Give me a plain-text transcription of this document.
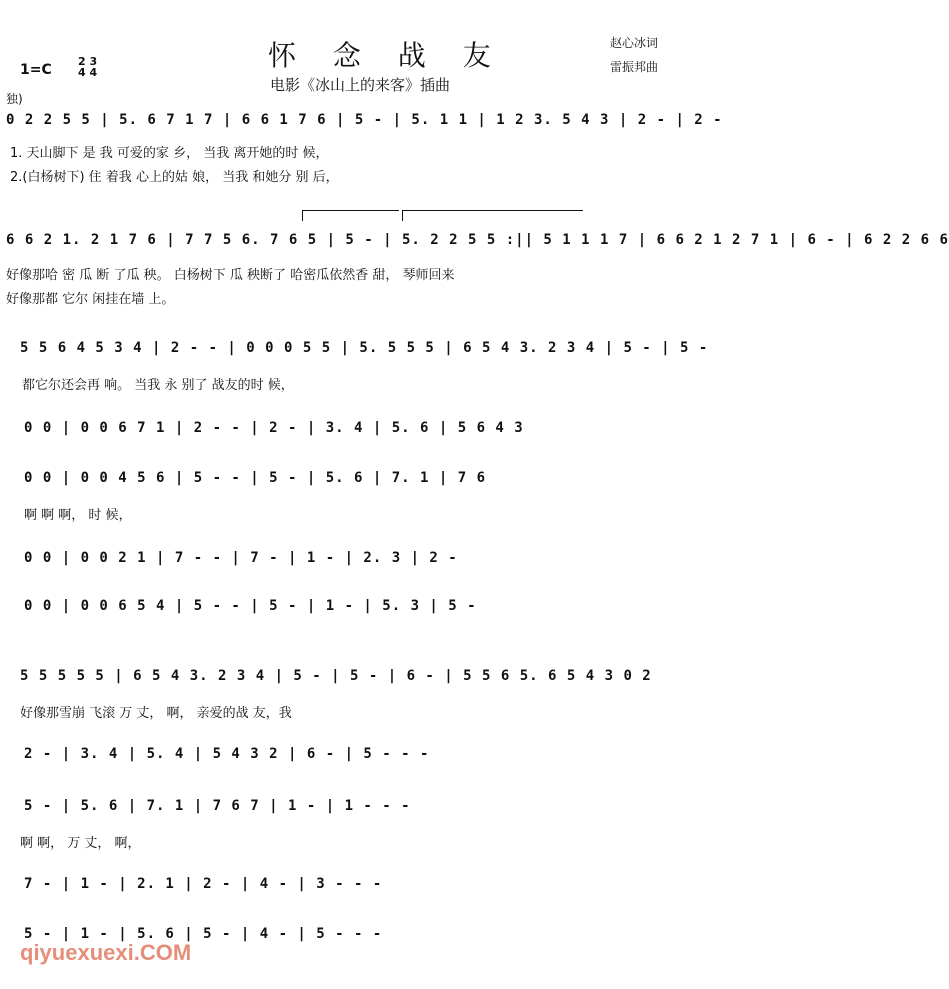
怀 念 战 友
电影《冰山上的来客》插曲
赵心冰词
雷振邦曲
1=C
2 3
4 4
独)
0 2 2 5 5 | 5. 6 7 1 7 | 6 6 1 7 6 | 5 - | 5. 1 1 | 1 2 3. 5 4 3 | 2 - | 2 -
1. 天山脚下 是 我 可爱的家 乡， 当我 离开她的时 候，
2.(白杨树下) 住 着我 心上的姑 娘， 当我 和她分 别 后，
6 6 2 1. 2 1 7 6 | 7 7 5 6. 7 6 5 | 5 - | 5. 2 2 5 5 :|| 5 1 1 1 7 | 6 6 2 1 2 7 1 | 6 - | 6 2 2 6 6
好像那哈 密 瓜 断 了瓜 秧。 白杨树下 瓜 秧断了 哈密瓜依然香 甜， 琴师回来
好像那都 它尔 闲挂在墙 上。
5 5 6 4 5 3 4 | 2 - - | 0 0 0 5 5 | 5. 5 5 5 | 6 5 4 3. 2 3 4 | 5 - | 5 -
都它尔还会再 响。 当我 永 别了 战友的时 候，
0 0 | 0 0 6 7 1 | 2 - - | 2 - | 3. 4 | 5. 6 | 5 6 4 3
0 0 | 0 0 4 5 6 | 5 - - | 5 - | 5. 6 | 7. 1 | 7 6
啊 啊 啊， 时 候，
0 0 | 0 0 2 1 | 7 - - | 7 - | 1 - | 2. 3 | 2 -
0 0 | 0 0 6 5 4 | 5 - - | 5 - | 1 - | 5. 3 | 5 -
5 5 5 5 5 | 6 5 4 3. 2 3 4 | 5 - | 5 - | 6 - | 5 5 6 5. 6 5 4 3 0 2
好像那雪崩 飞滚 万 丈， 啊， 亲爱的战 友，我
2 - | 3. 4 | 5. 4 | 5 4 3 2 | 6 - | 5 - - -
5 - | 5. 6 | 7. 1 | 7 6 7 | 1 - | 1 - - -
啊 啊， 万 丈， 啊，
7 - | 1 - | 2. 1 | 2 - | 4 - | 3 - - -
5 - | 1 - | 5. 6 | 5 - | 4 - | 5 - - -
qiyuexuexi.COM
